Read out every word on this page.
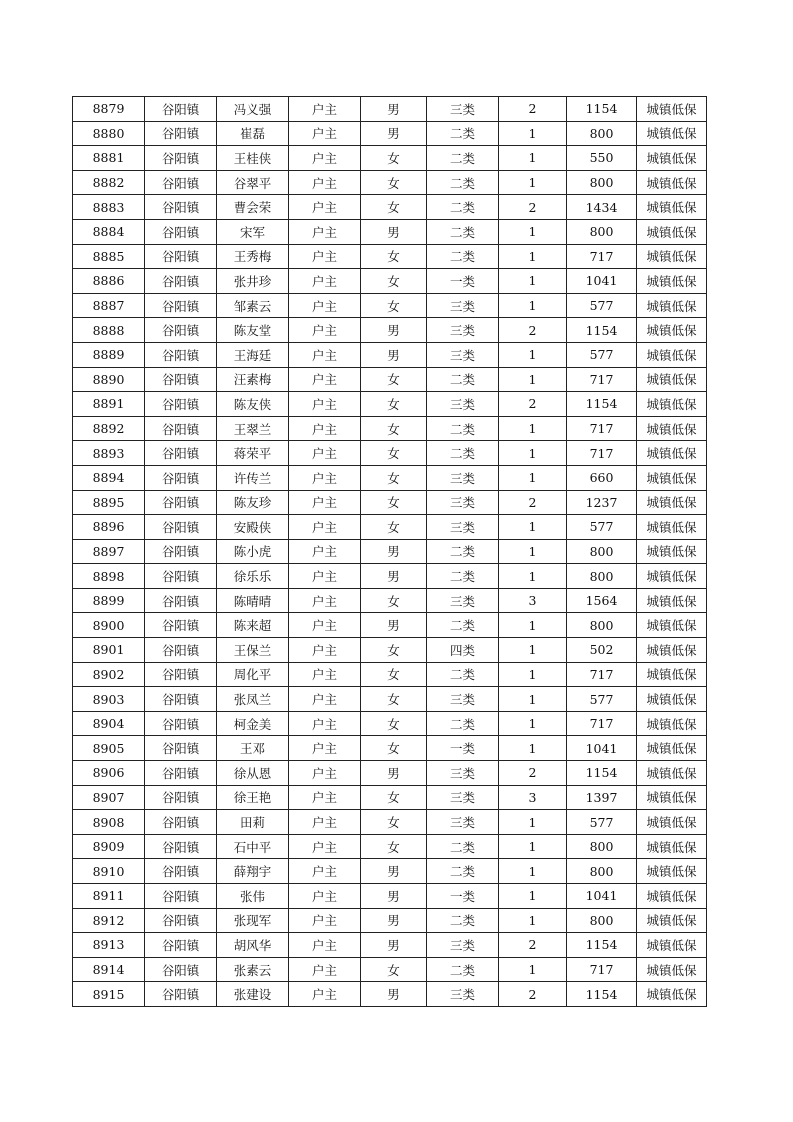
8879	谷阳镇	冯义强	户主	男	三类	2	1154	城镇低保
8880	谷阳镇	崔磊	户主	男	二类	1	800	城镇低保
8881	谷阳镇	王桂侠	户主	女	二类	1	550	城镇低保
8882	谷阳镇	谷翠平	户主	女	二类	1	800	城镇低保
8883	谷阳镇	曹会荣	户主	女	二类	2	1434	城镇低保
8884	谷阳镇	宋军	户主	男	二类	1	800	城镇低保
8885	谷阳镇	王秀梅	户主	女	二类	1	717	城镇低保
8886	谷阳镇	张井珍	户主	女	一类	1	1041	城镇低保
8887	谷阳镇	邹素云	户主	女	三类	1	577	城镇低保
8888	谷阳镇	陈友堂	户主	男	三类	2	1154	城镇低保
8889	谷阳镇	王海廷	户主	男	三类	1	577	城镇低保
8890	谷阳镇	汪素梅	户主	女	二类	1	717	城镇低保
8891	谷阳镇	陈友侠	户主	女	三类	2	1154	城镇低保
8892	谷阳镇	王翠兰	户主	女	二类	1	717	城镇低保
8893	谷阳镇	蒋荣平	户主	女	二类	1	717	城镇低保
8894	谷阳镇	许传兰	户主	女	三类	1	660	城镇低保
8895	谷阳镇	陈友珍	户主	女	三类	2	1237	城镇低保
8896	谷阳镇	安殿侠	户主	女	三类	1	577	城镇低保
8897	谷阳镇	陈小虎	户主	男	二类	1	800	城镇低保
8898	谷阳镇	徐乐乐	户主	男	二类	1	800	城镇低保
8899	谷阳镇	陈晴晴	户主	女	三类	3	1564	城镇低保
8900	谷阳镇	陈来超	户主	男	二类	1	800	城镇低保
8901	谷阳镇	王保兰	户主	女	四类	1	502	城镇低保
8902	谷阳镇	周化平	户主	女	二类	1	717	城镇低保
8903	谷阳镇	张凤兰	户主	女	三类	1	577	城镇低保
8904	谷阳镇	柯金美	户主	女	二类	1	717	城镇低保
8905	谷阳镇	王邓	户主	女	一类	1	1041	城镇低保
8906	谷阳镇	徐从恩	户主	男	三类	2	1154	城镇低保
8907	谷阳镇	徐王艳	户主	女	三类	3	1397	城镇低保
8908	谷阳镇	田莉	户主	女	三类	1	577	城镇低保
8909	谷阳镇	石中平	户主	女	二类	1	800	城镇低保
8910	谷阳镇	薛翔宇	户主	男	二类	1	800	城镇低保
8911	谷阳镇	张伟	户主	男	一类	1	1041	城镇低保
8912	谷阳镇	张现军	户主	男	二类	1	800	城镇低保
8913	谷阳镇	胡风华	户主	男	三类	2	1154	城镇低保
8914	谷阳镇	张素云	户主	女	二类	1	717	城镇低保
8915	谷阳镇	张建设	户主	男	三类	2	1154	城镇低保
